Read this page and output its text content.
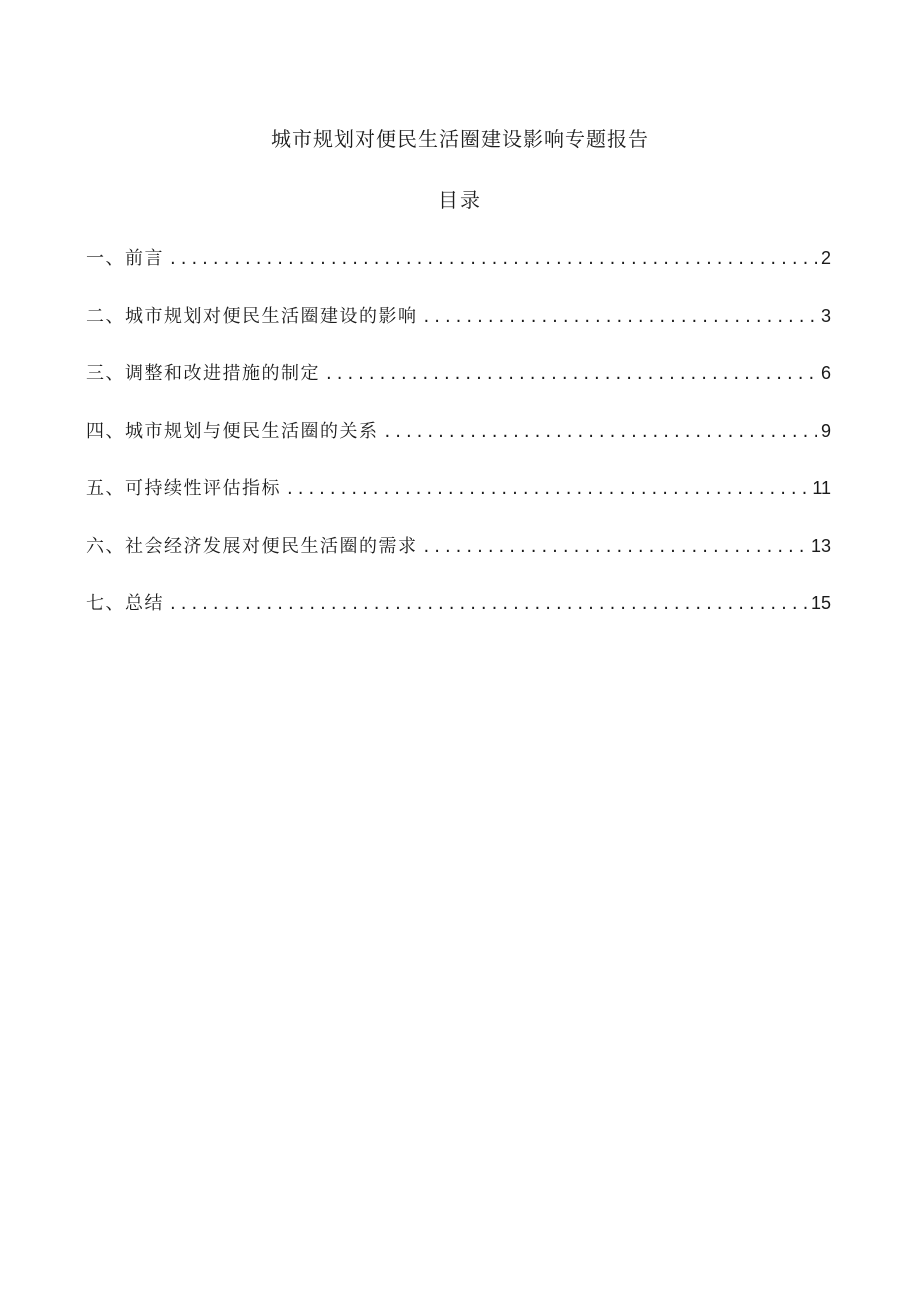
城市规划对便民生活圈建设影响专题报告
目录
一、前言 .....	2
二、城市规划对便民生活圈建设的影响 .....	3
三、调整和改进措施的制定 .....	6
四、城市规划与便民生活圈的关系 .....	9
五、可持续性评估指标 .....	11
六、社会经济发展对便民生活圈的需求 .....	13
七、总结 .....	15
